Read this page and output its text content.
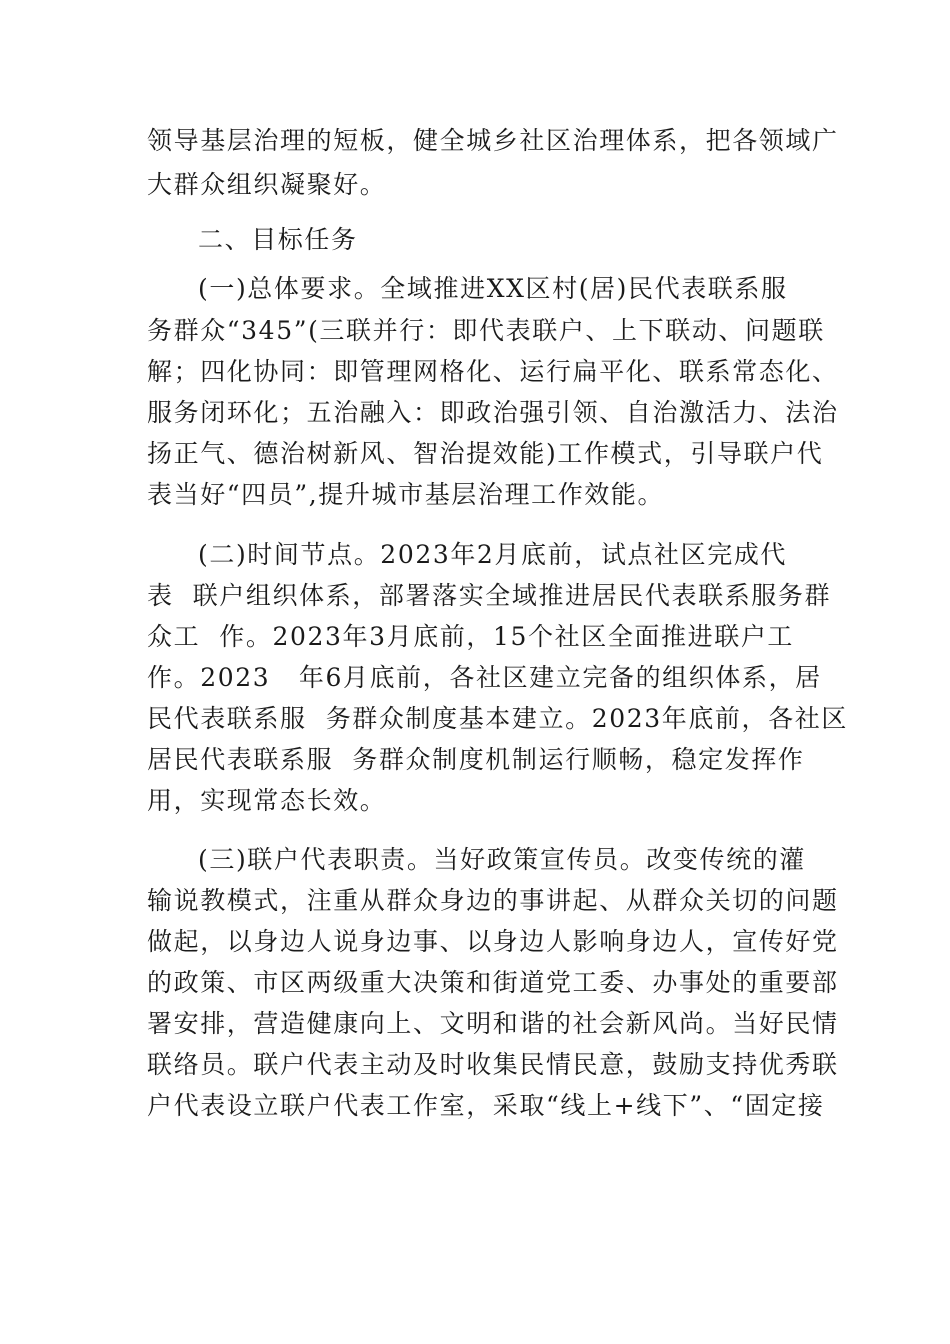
领导基层治理的短板，健全城乡社区治理体系，把各领域广
大群众组织凝聚好。
二、目标任务
(一)总体要求。全域推进XX区村(居)民代表联系服
务群众“345”(三联并行：即代表联户、上下联动、问题联
解；四化协同：即管理网格化、运行扁平化、联系常态化、
服务闭环化；五治融入：即政治强引领、自治激活力、法治
扬正气、德治树新风、智治提效能)工作模式，引导联户代
表当好“四员”,提升城市基层治理工作效能。
(二)时间节点。2023年2月底前，试点社区完成代
表  联户组织体系，部署落实全域推进居民代表联系服务群
众工  作。2023年3月底前，15个社区全面推进联户工
作。2023   年6月底前，各社区建立完备的组织体系，居
民代表联系服  务群众制度基本建立。2023年底前，各社区
居民代表联系服  务群众制度机制运行顺畅，稳定发挥作
用，实现常态长效。
(三)联户代表职责。当好政策宣传员。改变传统的灌
输说教模式，注重从群众身边的事讲起、从群众关切的问题
做起，以身边人说身边事、以身边人影响身边人，宣传好党
的政策、市区两级重大决策和街道党工委、办事处的重要部
署安排，营造健康向上、文明和谐的社会新风尚。当好民情
联络员。联户代表主动及时收集民情民意，鼓励支持优秀联
户代表设立联户代表工作室，采取“线上+线下”、“固定接
